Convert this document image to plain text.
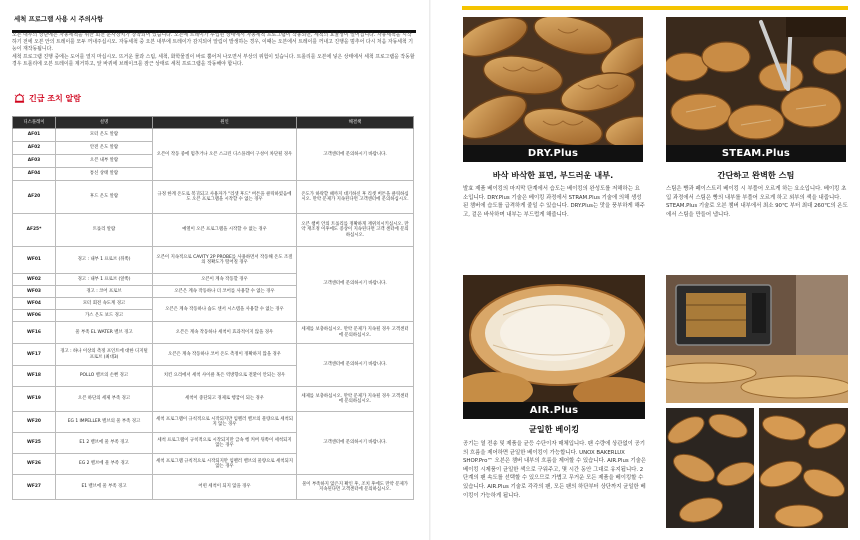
세척 프로그램 사용 시 주의사항

오븐 내부의 상단에는 자동세척을 위한 회전 분사장치가 장착되어 있습니다. 오븐에 트레이가 투입된 상태에서 자동세척 프로그램이 작동되면, 세척의 효율성이 떨어집니다. 자동세척을 시작하기 전에 오븐 안의 트레이를 모두 꺼내주십시오. 자동세척 중 오븐 내부에 트레이가 감지되어 알림이 발생하는 경우, 이때는 오븐에서 트레이를 꺼내고 진행을 멈추어 다시 처음 자동세척 기능이 재작동됩니다.

세척 프로그램 진행 중에는 도어를 열지 마십시오. 뜨거운 물과 스팀, 세척, 화학물질이 바로 뿜어져 나오면서 부상의 위험이 있습니다. 트롤리를 오븐에 넣은 상태에서 세척 프로그램을 작동할 경우 트롤리에 오븐 트레이를 제거하고, 앞 바퀴에 브레이크를 잠근 상태로 세척 프로그램을 작동해야 합니다.

긴급 조치 알람
디스플레이	설명	원인	해결책
AF01	모터 온도 알람	오븐이 작동 중에 멈추거나 오븐 스크린 디스플레이 구성이 차단될 경우	고객센터에 문의하시기 바랍니다.
AF02	안전 온도 알람		
AF03	오븐 내부 알람		
AF04	통신 상태 알람		
AF20	후드 온도 알람	규정 한계 온도로 복귀되고 사용자가 "리셋 후드" 버튼을 클릭하였음에도 오븐 프로그램을 시작할 수 없는 경우	온도가 하락할 때까지 대기하신 후 리셋 버튼을 클릭하십시오. 만약 문제가 지속된다면 고객센터에 문의하십시오.
AF25*	트롤리 알람	예열이 오븐 프로그램을 시작할 수 없는 경우	오븐 챔버 안의 트롤리를 정확하게 재위치시키십시오. 만약 재조정 이후에도 증상이 지속된다면 고객 센터에 문의하십시오.
WF01	경고 : 내부 1 프로브 (뒤쪽)	오븐이 지속적으로 CAVITY 2P PROBE를 사용하면서 작동해 온도 조절의 정확도가 떨어질 경우	고객센터에 문의하시기 바랍니다.
WF02	경고 : 내부 1 프로브 (앞쪽)	오븐이 계속 작동할 경우	
WF03	경고 : 코어 프로브	오븐은 계속 작동하나 더 코어를 사용할 수 없는 경우	
WF04	모터 회전 속도계 경고	오븐은 계속 작동하나 습도 센서 시스템을 사용할 수 없는 경우	
WF06	가스 온도 보드 경고		
WF16	물 부족 EL WATER 밸브 경고	오븐은 계속 작동하나 세척이 효과적이지 않을 경우	세제를 보충하십시오. 만약 문제가 지속될 경우 고객센터에 문의하십시오.
WF17	경고 : 하나 이상의 측정 포인트에 대한 디지털 프로브 (최대3)	오븐은 계속 작동하나 코어 온도 측정이 정확하지 않을 경우	고객센터에 문의하시기 바랍니다.
WF18	POLLO 밸브의 손뻔 경고	치킨 요리에서 세척 사이클 혹은 역방향으로 전환이 안되는 경우	
WF19	오븐 하단의 세제 부족 경고	세척이 중단되고 경제로 헹굼이 되는 경우	세제를 보충하십시오. 만약 문제가 지속될 경우 고객센터에 문의하십시오.
WF20	EG 1 IMPELLER 밸브의 물 부족 경고	세척 프로그램이 규칙적으로 시작되지만 임펠러 밸브의 물량으로 세척되지 않는 경우	고객센터에 문의하시기 바랍니다.
WF25	E1 2 밸브에 물 부족 경고	세척 프로그램이 규칙적으로 시작되지만 급속 헹 커버 뒤쪽이 세척되지 않는 경우	
WF26	EG 2 밸브에 물 부족 경고	세척 프로그램 규칙적으로 시작되지만 임펠러 밸브의 물량으로 세척되지 않는 경우	
WF27	E1 밸브에 물 부족 경고	어떤 세척이 되지 않을 경우	물이 부족하지 않은지 확인 후, 조치 후에도 만약 문제가 지속된다면 고객센터에 문의하십시오.
DRY.Plus
바삭 바삭한 표면, 부드러운 내부.
발효 제품 베이킹의 마지막 단계에서 습도는 베이킹의 완성도를 저해하는 요소입니다. DRY.Plus 기술은 베이킹 과정에서 STRAM.Plus 기술에 의해 생성된 챔버에 습도를 급격하게 줄일 수 있습니다. DRY.Plus는 맛을 풍부하게 해주고, 겉은 바삭하며 내부는 부드럽게 해줍니다.
STEAM.Plus
간단하고 완벽한 스팀
스팀은 빵과 페이스트리 베이킹 시 부풀어 오르게 하는 요소입니다. 베이킹 초입 과정에서 스팀은 빵의 내부를 부풀어 오르게 하고 외부의 색을 내줍니다. STEAM.Plus 기술로 오븐 챔버 내부에서 최소 90℃ 부터 최대 260℃의 온도에서 스팀을 만들어 냅니다.
AIR.Plus
균일한 베이킹
공기는 열 전송 및 제품을 균등 수단이자 매체입니다. 팬 수량에 상관없이 공기의 흐름을 제어하면 균일한 베이킹이 가능합니다. UNOX BAKERLUX SHOP.Pro™ 오븐은 챔버 내부의 흐름을 제어할 수 있습니다. AIR.Plus 기술은 베이킹 시제품이 균일한 색으로 구워주고, 몇 시간 동안 그대로 유지됩니다. 2단계의 팬 속도를 선택할 수 있으므로 가볍고 무거운 모든 제품을 베이킹할 수 있습니다. AIR.Plus 기술로 각각의 팬, 모든 팬의 하단부터 상단까지 균일한 베이킹이 가능하게 됩니다.
